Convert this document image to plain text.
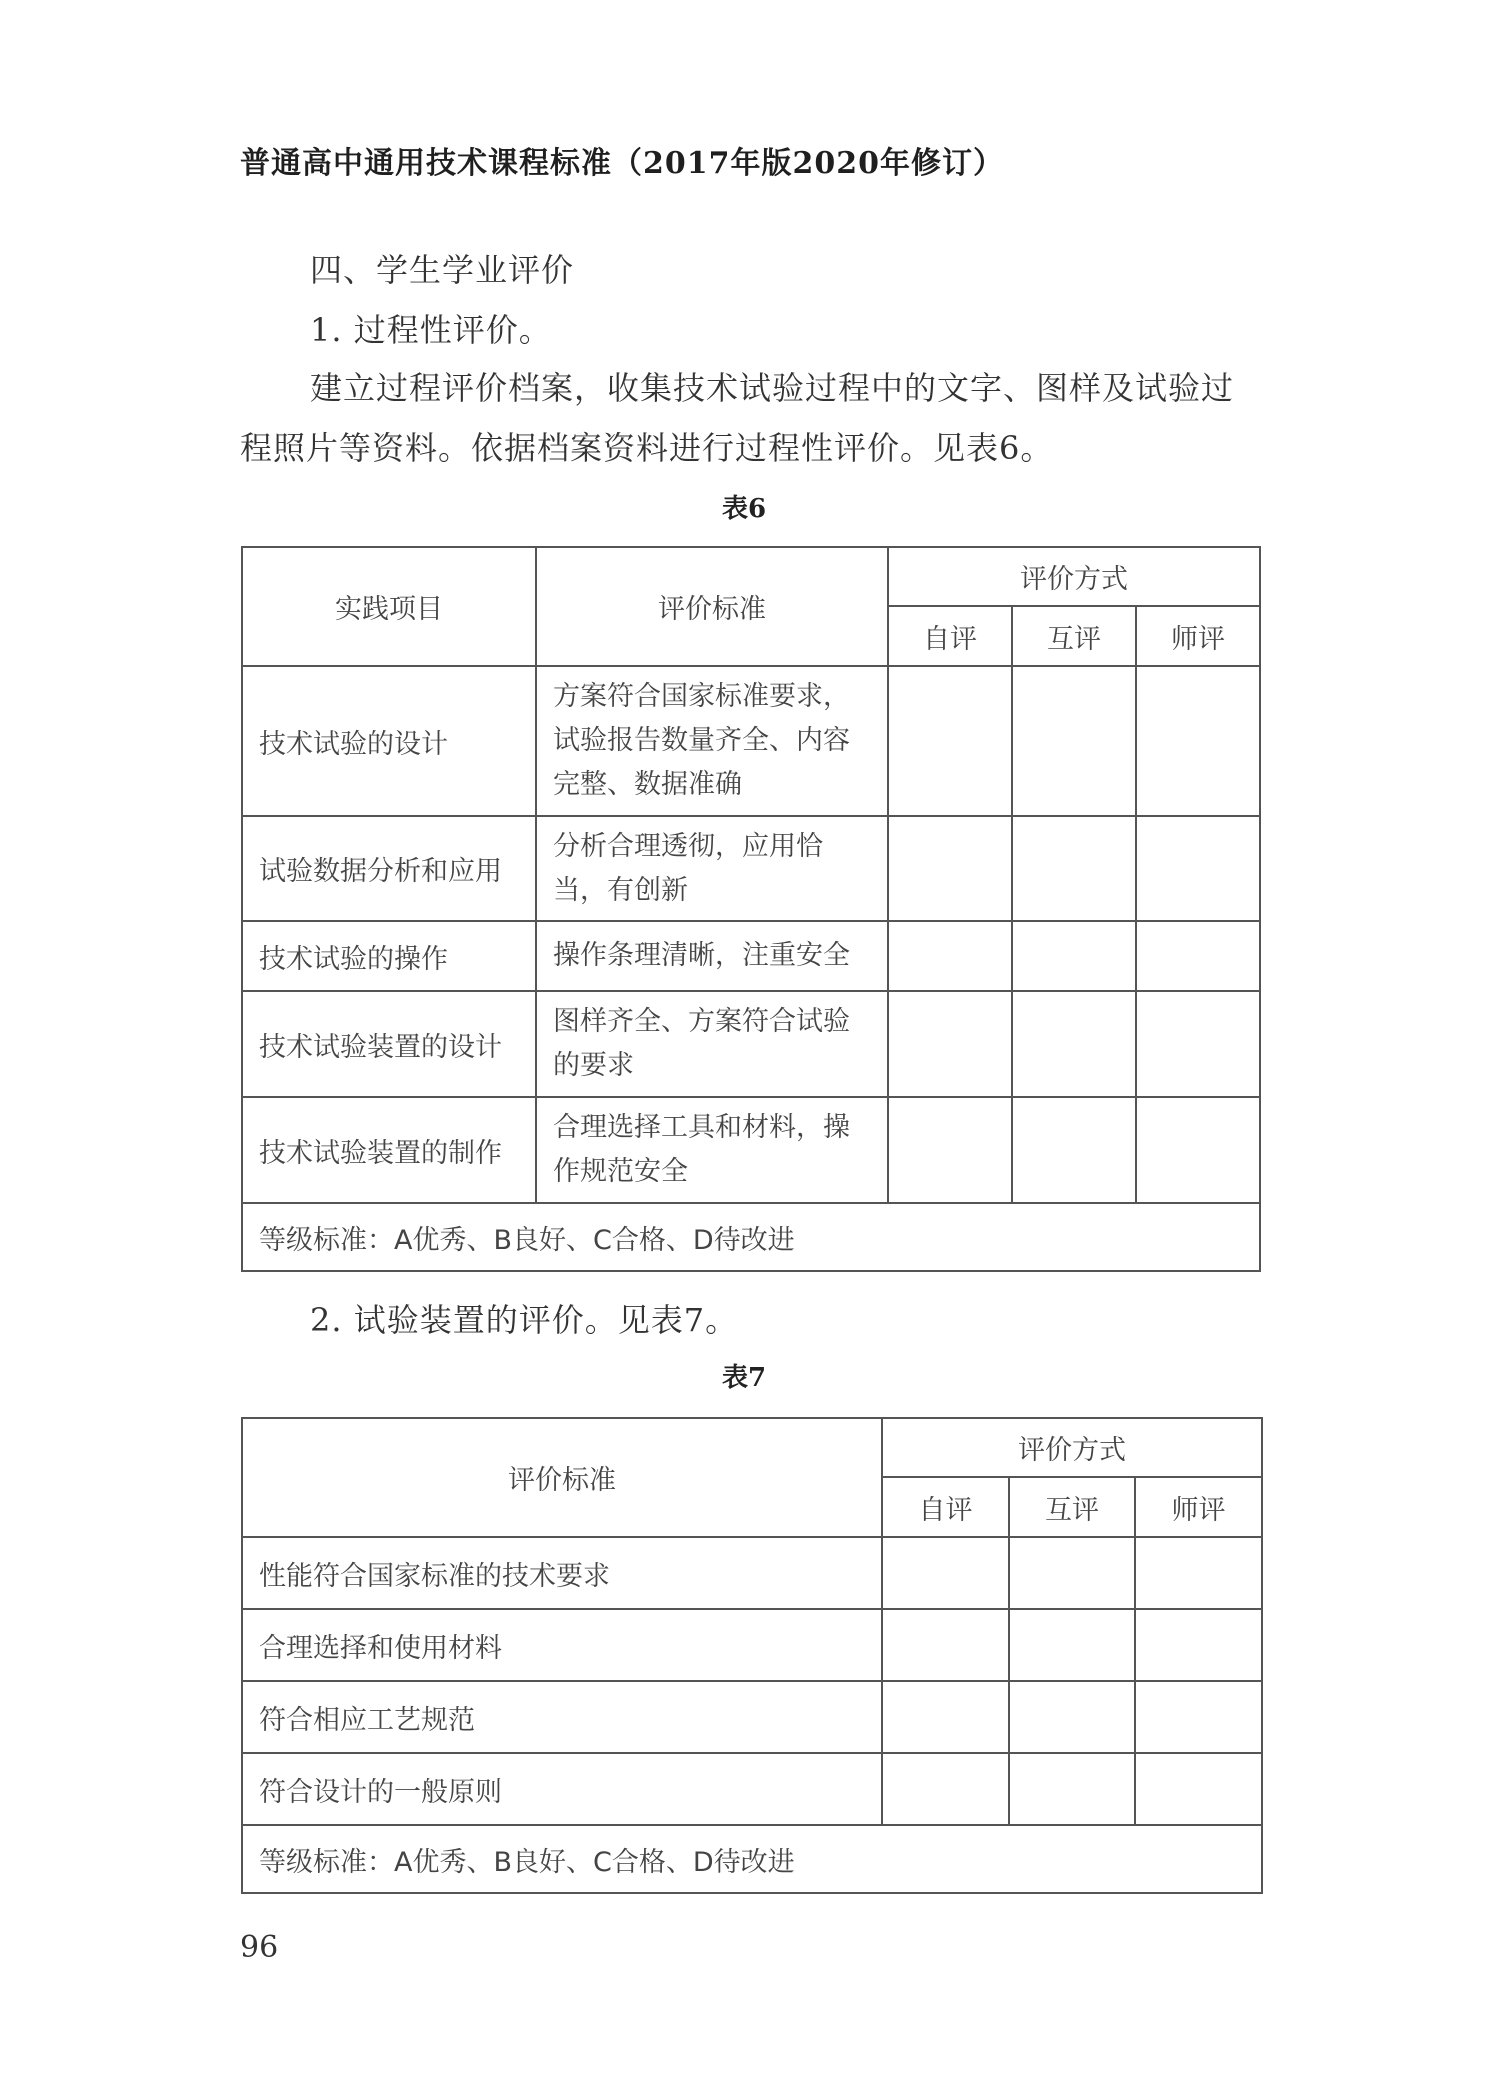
普通高中通用技术课程标准（2017年版2020年修订）
四、学生学业评价
1. 过程性评价。
建立过程评价档案，收集技术试验过程中的文字、图样及试验过
程照片等资料。依据档案资料进行过程性评价。见表6。
表6
实践项目	评价标准	评价方式		
		自评	互评	师评
技术试验的设计	方案符合国家标准要求，试验报告数量齐全、内容完整、数据准确			
试验数据分析和应用	分析合理透彻，应用恰当，有创新			
技术试验的操作	操作条理清晰，注重安全			
技术试验装置的设计	图样齐全、方案符合试验的要求			
技术试验装置的制作	合理选择工具和材料，操作规范安全			
等级标准：A优秀、B良好、C合格、D待改进				
2. 试验装置的评价。见表7。
表7
评价标准	评价方式		
	自评	互评	师评
性能符合国家标准的技术要求			
合理选择和使用材料			
符合相应工艺规范			
符合设计的一般原则			
等级标准：A优秀、B良好、C合格、D待改进			
96
